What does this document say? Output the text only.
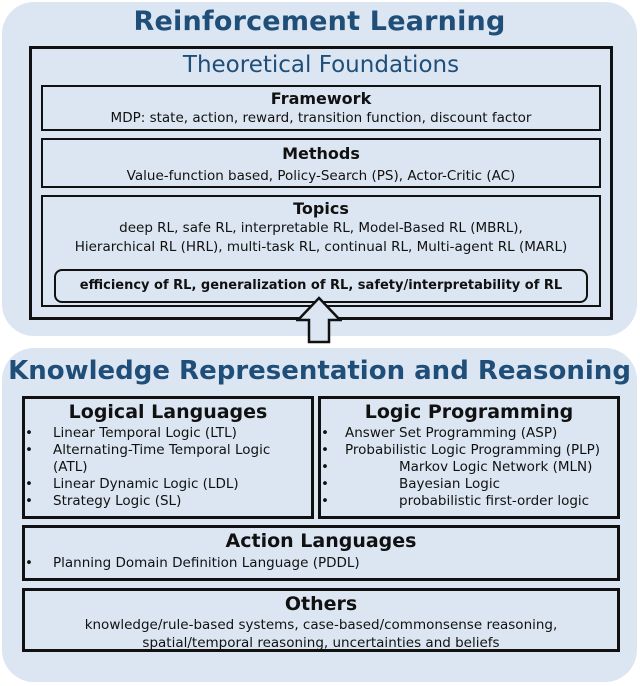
Reinforcement Learning
Theoretical Foundations
Framework
MDP: state, action, reward, transition function, discount factor
Methods
Value-function based, Policy-Search (PS), Actor-Critic (AC)
Topics
deep RL, safe RL, interpretable RL, Model-Based RL (MBRL),
Hierarchical RL (HRL), multi-task RL, continual RL, Multi-agent RL (MARL)
efficiency of RL, generalization of RL, safety/interpretability of RL
Knowledge Representation and Reasoning
Logical Languages
• Linear Temporal Logic (LTL)
• Alternating-Time Temporal Logic
(ATL)
• Linear Dynamic Logic (LDL)
• Strategy Logic (SL)
Logic Programming
• Answer Set Programming (ASP)
• Probabilistic Logic Programming (PLP)
• Markov Logic Network (MLN)
• Bayesian Logic
• probabilistic first-order logic
Action Languages
• Planning Domain Definition Language (PDDL)
Others
knowledge/rule-based systems, case-based/commonsense reasoning,
spatial/temporal reasoning, uncertainties and beliefs
